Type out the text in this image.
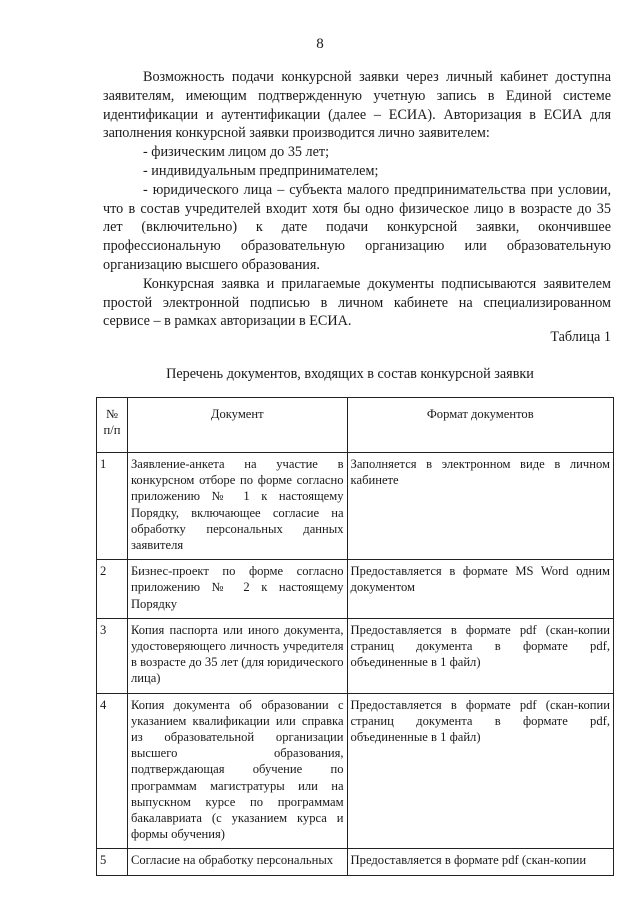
8

Возможность подачи конкурсной заявки через личный кабинет доступна заявителям, имеющим подтвержденную учетную запись в Единой системе идентификации и аутентификации (далее – ЕСИА). Авторизация в ЕСИА для заполнения конкурсной заявки производится лично заявителем:

- физическим лицом до 35 лет;

- индивидуальным предпринимателем;

- юридического лица – субъекта малого предпринимательства при условии, что в состав учредителей входит хотя бы одно физическое лицо в возрасте до 35 лет (включительно) к дате подачи конкурсной заявки, окончившее профессиональную образовательную организацию или образовательную организацию высшего образования.

Конкурсная заявка и прилагаемые документы подписываются заявителем простой электронной подписью в личном кабинете на специализированном сервисе – в рамках авторизации в ЕСИА.

Таблица 1
Перечень документов, входящих в состав конкурсной заявки
№ п/п	Документ	Формат документов
1	Заявление-анкета на участие в конкурсном отборе по форме согласно приложению № 1 к настоящему Порядку, включающее согласие на обработку персональных данных заявителя	Заполняется в электронном виде в личном кабинете
2	Бизнес-проект по форме согласно приложению № 2 к настоящему Порядку	Предоставляется в формате MS Word одним документом
3	Копия паспорта или иного документа, удостоверяющего личность учредителя в возрасте до 35 лет (для юридического лица)	Предоставляется в формате pdf (скан-копии страниц документа в формате pdf, объединенные в 1 файл)
4	Копия документа об образовании с указанием квалификации или справка из образовательной организации высшего образования, подтверждающая обучение по программам магистратуры или на выпускном курсе по программам бакалавриата (с указанием курса и формы обучения)	Предоставляется в формате pdf (скан-копии страниц документа в формате pdf, объединенные в 1 файл)
5	Согласие на обработку персональных	Предоставляется в формате pdf (скан-копии
